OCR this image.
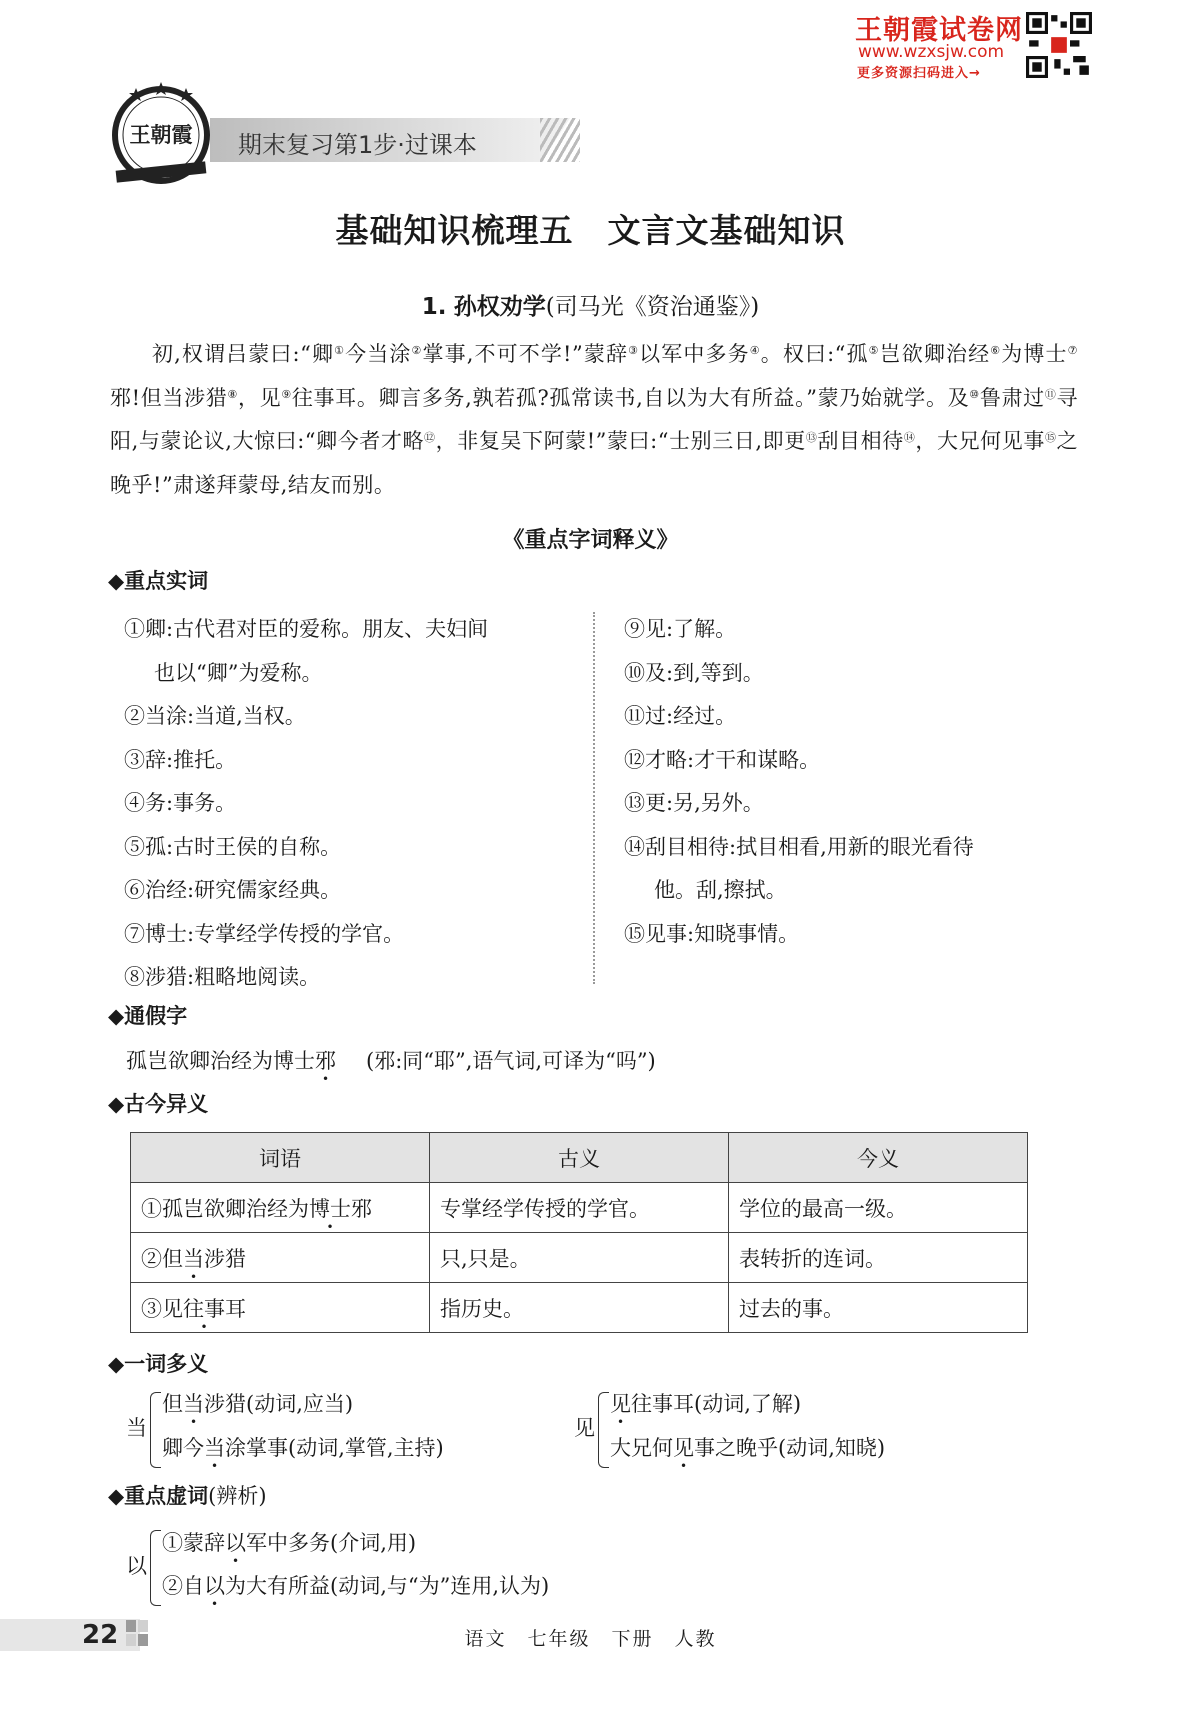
王朝霞试卷网
www.wzxsjw.com
更多资源扫码进入→
王朝霞 期末复习第1步·过课本
基础知识梳理五　文言文基础知识
1. 孙权劝学(司马光《资治通鉴》)
初,权谓吕蒙曰:“卿①今当涂②掌事,不可不学!”蒙辞③以军中多务④。权曰:“孤⑤岂欲卿治经⑥为博士⑦邪!但当涉猎⑧，见⑨往事耳。卿言多务,孰若孤?孤常读书,自以为大有所益。”蒙乃始就学。及⑩鲁肃过⑪寻阳,与蒙论议,大惊曰:“卿今者才略⑫，非复吴下阿蒙!”蒙曰:“士别三日,即更⑬刮目相待⑭，大兄何见事⑮之晚乎!”肃遂拜蒙母,结友而别。
《重点字词释义》
◆重点实词
①卿:古代君对臣的爱称。朋友、夫妇间
也以“卿”为爱称。
②当涂:当道,当权。
③辞:推托。
④务:事务。
⑤孤:古时王侯的自称。
⑥治经:研究儒家经典。
⑦博士:专掌经学传授的学官。
⑧涉猎:粗略地阅读。
⑨见:了解。
⑩及:到,等到。
⑪过:经过。
⑫才略:才干和谋略。
⑬更:另,另外。
⑭刮目相待:拭目相看,用新的眼光看待
他。刮,擦拭。
⑮见事:知晓事情。
◆通假字
孤岂欲卿治经为博士邪 (邪:同“耶”,语气词,可译为“吗”)
◆古今异义
词语	古义	今义
①孤岂欲卿治经为博士邪	专掌经学传授的学官。	学位的最高一级。
②但当涉猎	只,只是。	表转折的连词。
③见往事耳	指历史。	过去的事。
◆一词多义
当
但当涉猎(动词,应当)
卿今当涂掌事(动词,掌管,主持)
见
见往事耳(动词,了解)
大兄何见事之晚乎(动词,知晓)
◆重点虚词(辨析)
以
①蒙辞以军中多务(介词,用)
②自以为大有所益(动词,与“为”连用,认为)
22	语文　七年级　下册　人教
